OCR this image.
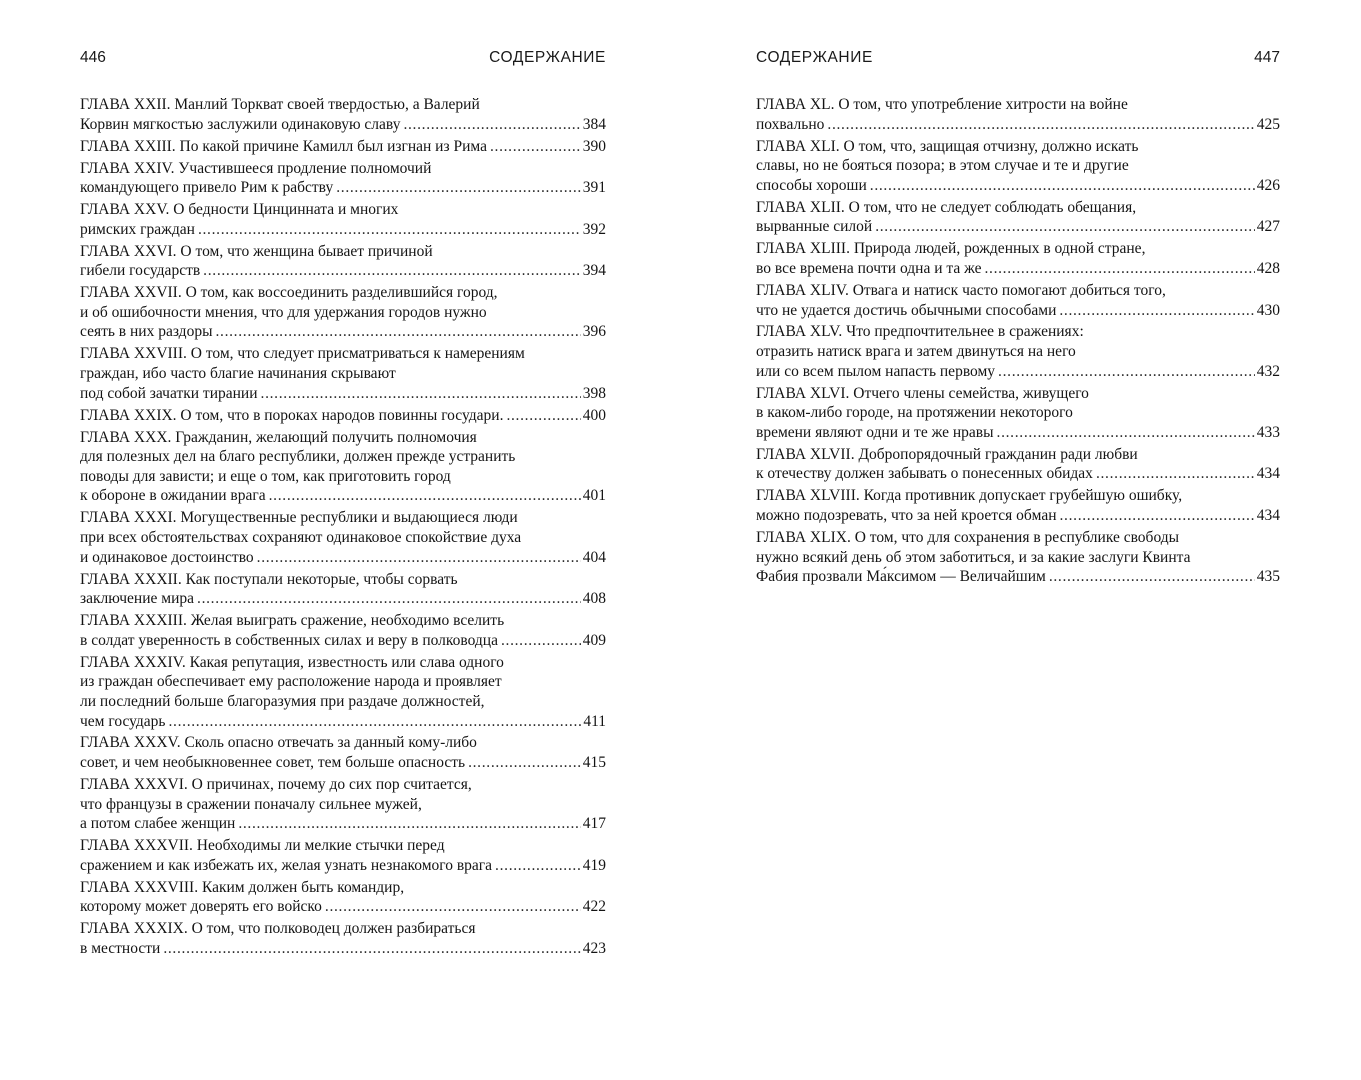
446	СОДЕРЖАНИЕ
ГЛАВА XXII. Манлий Торкват своей твердостью, а Валерий
Корвин мягкостью заслужили одинаковую славу . . .	384
ГЛАВА XXIII. По какой причине Камилл был изгнан из Рима . . .	390
ГЛАВА XXIV. Участившееся продление полномочий
командующего привело Рим к рабству . . .	391
ГЛАВА XXV. О бедности Цинцинната и многих
римских граждан . . .	392
ГЛАВА XXVI. О том, что женщина бывает причиной
гибели государств . . .	394
ГЛАВА XXVII. О том, как воссоединить разделившийся город,
и об ошибочности мнения, что для удержания городов нужно
сеять в них раздоры . . .	396
ГЛАВА XXVIII. О том, что следует присматриваться к намерениям
граждан, ибо часто благие начинания скрывают
под собой зачатки тирании . . .	398
ГЛАВА XXIX. О том, что в пороках народов повинны государи. . . .	400
ГЛАВА XXX. Гражданин, желающий получить полномочия
для полезных дел на благо республики, должен прежде устранить
поводы для зависти; и еще о том, как приготовить город
к обороне в ожидании врага . . .	401
ГЛАВА XXXI. Могущественные республики и выдающиеся люди
при всех обстоятельствах сохраняют одинаковое спокойствие духа
и одинаковое достоинство . . .	404
ГЛАВА XXXII. Как поступали некоторые, чтобы сорвать
заключение мира . . .	408
ГЛАВА XXXIII. Желая выиграть сражение, необходимо вселить
в солдат уверенность в собственных силах и веру в полководца . . .	409
ГЛАВА XXXIV. Какая репутация, известность или слава одного
из граждан обеспечивает ему расположение народа и проявляет
ли последний больше благоразумия при раздаче должностей,
чем государь . . .	411
ГЛАВА XXXV. Сколь опасно отвечать за данный кому-либо
совет, и чем необыкновеннее совет, тем больше опасность . . .	415
ГЛАВА XXXVI. О причинах, почему до сих пор считается,
что французы в сражении поначалу сильнее мужей,
а потом слабее женщин . . .	417
ГЛАВА XXXVII. Необходимы ли мелкие стычки перед
сражением и как избежать их, желая узнать незнакомого врага . . .	419
ГЛАВА XXXVIII. Каким должен быть командир,
которому может доверять его войско . . .	422
ГЛАВА XXXIX. О том, что полководец должен разбираться
в местности . . .	423
СОДЕРЖАНИЕ	447
ГЛАВА XL. О том, что употребление хитрости на войне
похвально . . .	425
ГЛАВА XLI. О том, что, защищая отчизну, должно искать
славы, но не бояться позора; в этом случае и те и другие
способы хороши . . .	426
ГЛАВА XLII. О том, что не следует соблюдать обещания,
вырванные силой . . .	427
ГЛАВА XLIII. Природа людей, рожденных в одной стране,
во все времена почти одна и та же . . .	428
ГЛАВА XLIV. Отвага и натиск часто помогают добиться того,
что не удается достичь обычными способами . . .	430
ГЛАВА XLV. Что предпочтительнее в сражениях:
отразить натиск врага и затем двинуться на него
или со всем пылом напасть первому . . .	432
ГЛАВА XLVI. Отчего члены семейства, живущего
в каком-либо городе, на протяжении некоторого
времени являют одни и те же нравы . . .	433
ГЛАВА XLVII. Добропорядочный гражданин ради любви
к отечеству должен забывать о понесенных обидах . . .	434
ГЛАВА XLVIII. Когда противник допускает грубейшую ошибку,
можно подозревать, что за ней кроется обман . . .	434
ГЛАВА XLIX. О том, что для сохранения в республике свободы
нужно всякий день об этом заботиться, и за какие заслуги Квинта
Фабия прозвали Ма́ксимом — Величайшим . . .	435
